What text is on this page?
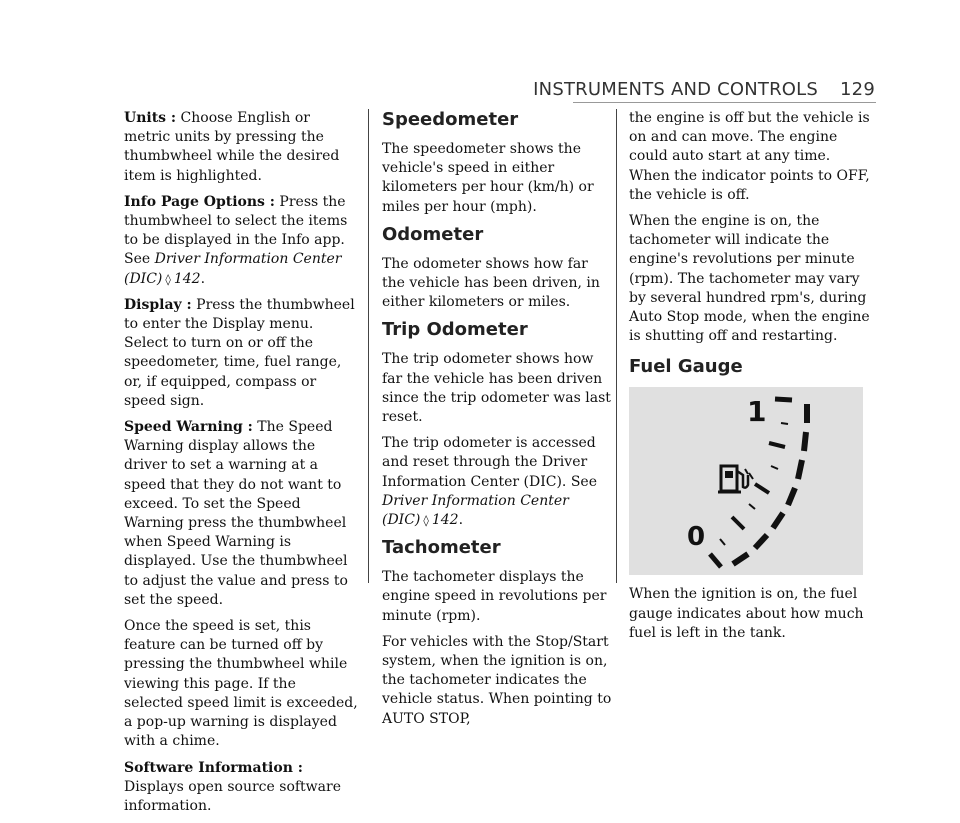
INSTRUMENTS AND CONTROLS 129

Units : Choose English or metric units by pressing the thumbwheel while the desired item is highlighted.

Info Page Options : Press the thumbwheel to select the items to be displayed in the Info app. See Driver Information Center (DIC) ◊ 142.

Display : Press the thumbwheel to enter the Display menu. Select to turn on or off the speedometer, time, fuel range, or, if equipped, compass or speed sign.

Speed Warning : The Speed Warning display allows the driver to set a warning at a speed that they do not want to exceed. To set the Speed Warning press the thumbwheel when Speed Warning is displayed. Use the thumbwheel to adjust the value and press to set the speed.

Once the speed is set, this feature can be turned off by pressing the thumbwheel while viewing this page. If the selected speed limit is exceeded, a pop-up warning is displayed with a chime.

Software Information : Displays open source software information.

Speedometer

The speedometer shows the vehicle's speed in either kilometers per hour (km/h) or miles per hour (mph).

Odometer

The odometer shows how far the vehicle has been driven, in either kilometers or miles.

Trip Odometer

The trip odometer shows how far the vehicle has been driven since the trip odometer was last reset.

The trip odometer is accessed and reset through the Driver Information Center (DIC). See Driver Information Center (DIC) ◊ 142.

Tachometer

The tachometer displays the engine speed in revolutions per minute (rpm).

For vehicles with the Stop/Start system, when the ignition is on, the tachometer indicates the vehicle status. When pointing to AUTO STOP,

the engine is off but the vehicle is on and can move. The engine could auto start at any time. When the indicator points to OFF, the vehicle is off.

When the engine is on, the tachometer will indicate the engine's revolutions per minute (rpm). The tachometer may vary by several hundred rpm's, during Auto Stop mode, when the engine is shutting off and restarting.

Fuel Gauge
1
0

When the ignition is on, the fuel gauge indicates about how much fuel is left in the tank.
